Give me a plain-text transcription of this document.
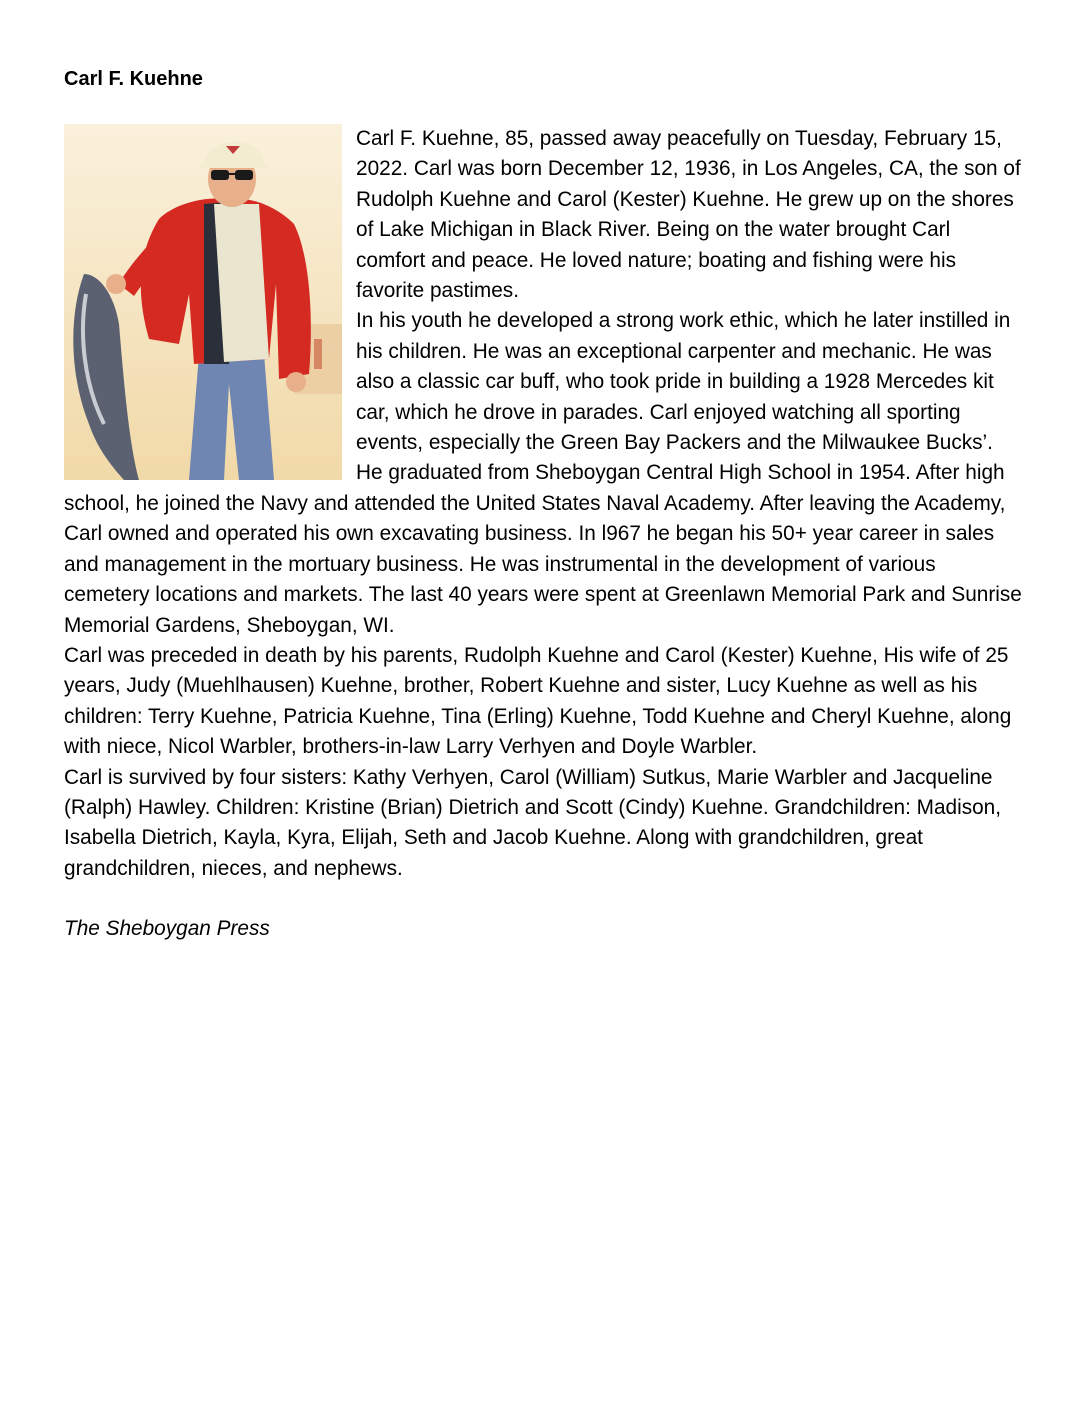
Carl F. Kuehne

Carl F. Kuehne, 85, passed away peacefully on Tuesday, February 15, 2022. Carl was born December 12, 1936, in Los Angeles, CA, the son of Rudolph Kuehne and Carol (Kester) Kuehne. He grew up on the shores of Lake Michigan in Black River. Being on the water brought Carl comfort and peace. He loved nature; boating and fishing were his favorite pastimes.

In his youth he developed a strong work ethic, which he later instilled in his children. He was an exceptional carpenter and mechanic. He was also a classic car buff, who took pride in building a 1928 Mercedes kit car, which he drove in parades. Carl enjoyed watching all sporting events, especially the Green Bay Packers and the Milwaukee Bucks’.

He graduated from Sheboygan Central High School in 1954. After high school, he joined the Navy and attended the United States Naval Academy. After leaving the Academy, Carl owned and operated his own excavating business. In l967 he began his 50+ year career in sales and management in the mortuary business. He was instrumental in the development of various cemetery locations and markets. The last 40 years were spent at Greenlawn Memorial Park and Sunrise Memorial Gardens, Sheboygan, WI.

Carl was preceded in death by his parents, Rudolph Kuehne and Carol (Kester) Kuehne, His wife of 25 years, Judy (Muehlhausen) Kuehne, brother, Robert Kuehne and sister, Lucy Kuehne as well as his children: Terry Kuehne, Patricia Kuehne, Tina (Erling) Kuehne, Todd Kuehne and Cheryl Kuehne, along with niece, Nicol Warbler, brothers-in-law Larry Verhyen and Doyle Warbler.

Carl is survived by four sisters: Kathy Verhyen, Carol (William) Sutkus, Marie Warbler and Jacqueline (Ralph) Hawley. Children: Kristine (Brian) Dietrich and Scott (Cindy) Kuehne. Grandchildren: Madison, Isabella Dietrich, Kayla, Kyra, Elijah, Seth and Jacob Kuehne. Along with grandchildren, great grandchildren, nieces, and nephews.

The Sheboygan Press
